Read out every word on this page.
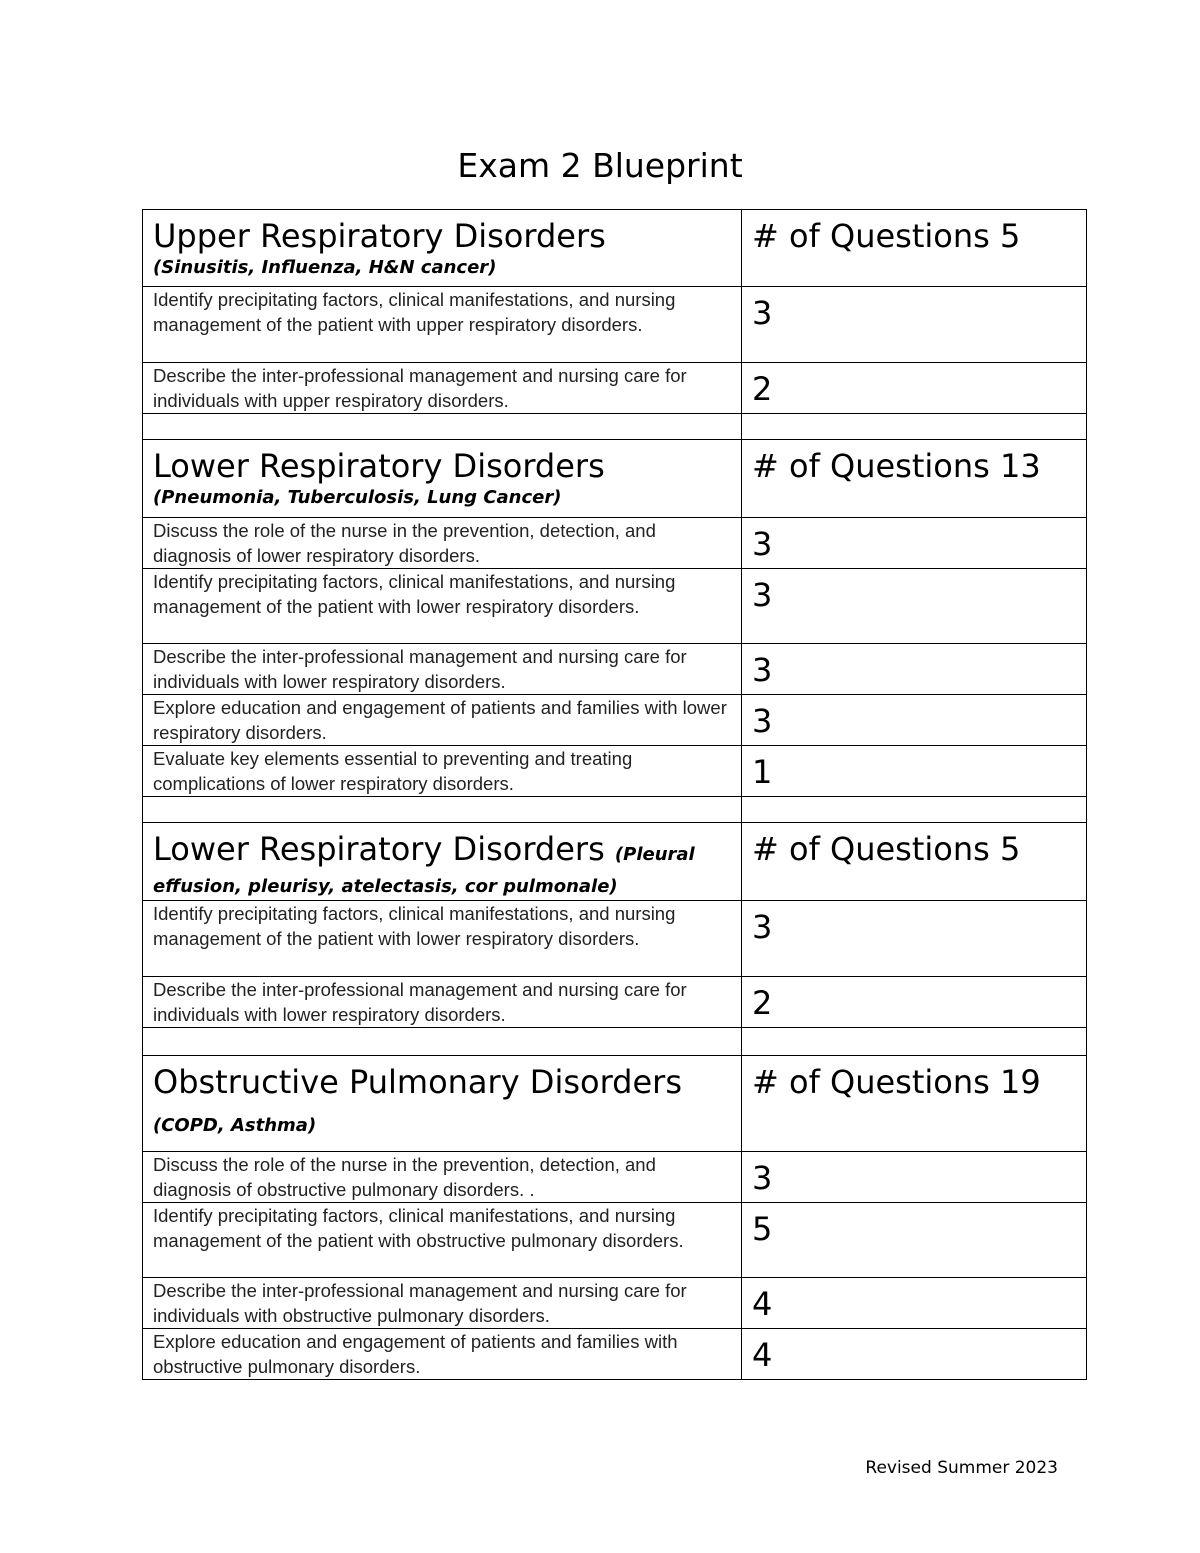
Exam 2 Blueprint
Upper Respiratory Disorders
(Sinusitis, Influenza, H&N cancer)	# of Questions 5

Identify precipitating factors, clinical manifestations, and nursing management of the patient with upper respiratory disorders.	3

Describe the inter-professional management and nursing care for individuals with upper respiratory disorders.	2

Lower Respiratory Disorders
(Pneumonia, Tuberculosis, Lung Cancer)	# of Questions 13

Discuss the role of the nurse in the prevention, detection, and diagnosis of lower respiratory disorders.	3

Identify precipitating factors, clinical manifestations, and nursing management of the patient with lower respiratory disorders.	3

Describe the inter-professional management and nursing care for individuals with lower respiratory disorders.	3

Explore education and engagement of patients and families with lower respiratory disorders.	3

Evaluate key elements essential to preventing and treating complications of lower respiratory disorders.	1

Lower Respiratory Disorders (Pleural
effusion, pleurisy, atelectasis, cor pulmonale)	# of Questions 5

Identify precipitating factors, clinical manifestations, and nursing management of the patient with lower respiratory disorders.	3

Describe the inter-professional management and nursing care for individuals with lower respiratory disorders.	2

Obstructive Pulmonary Disorders
(COPD, Asthma)	# of Questions 19

Discuss the role of the nurse in the prevention, detection, and diagnosis of obstructive pulmonary disorders. .	3

Identify precipitating factors, clinical manifestations, and nursing management of the patient with obstructive pulmonary disorders.	5

Describe the inter-professional management and nursing care for individuals with obstructive pulmonary disorders.	4

Explore education and engagement of patients and families with obstructive pulmonary disorders.	4
Revised Summer 2023
